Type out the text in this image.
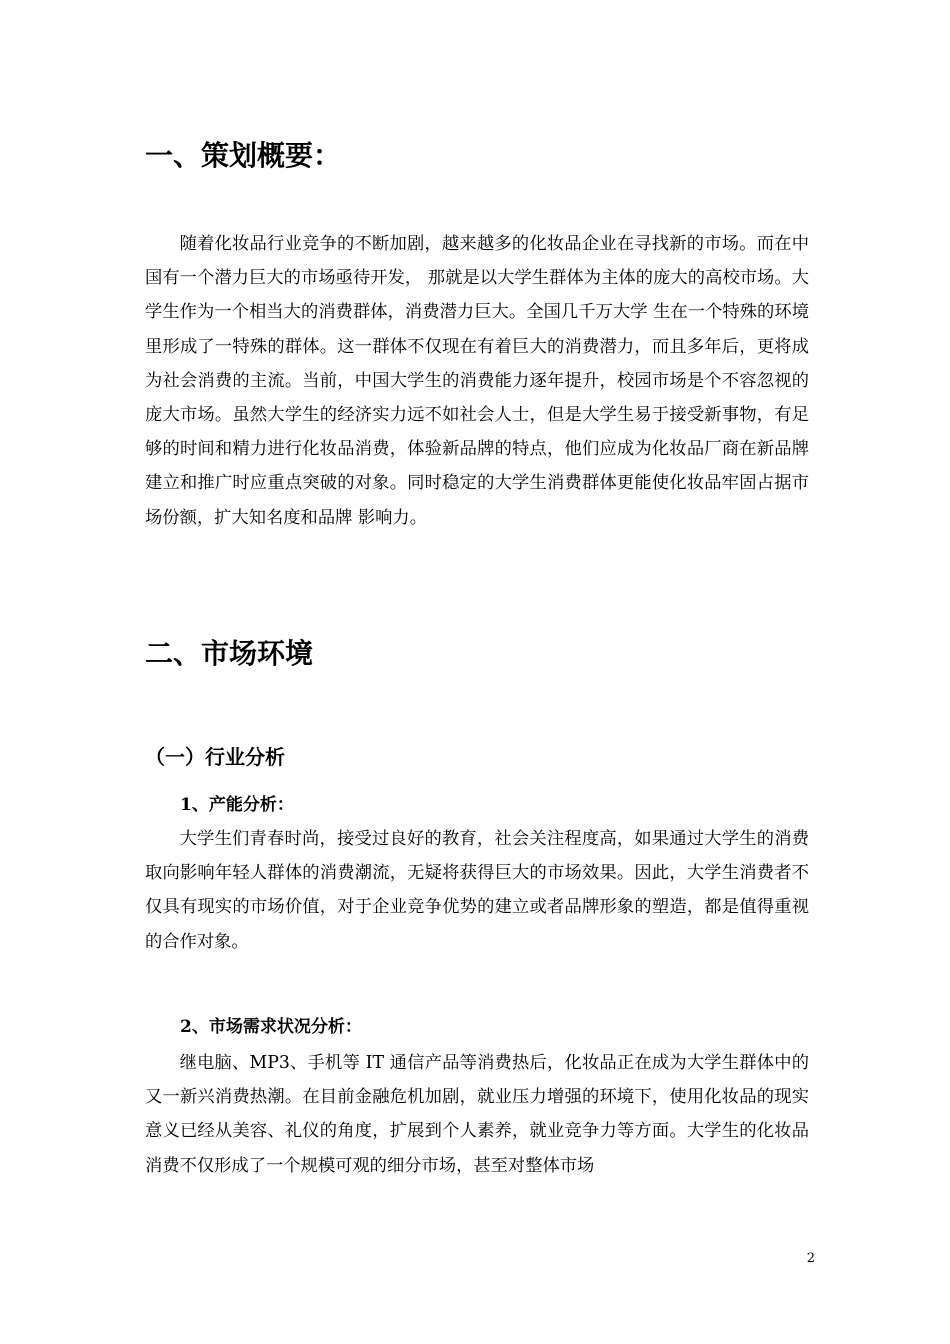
一、策划概要：

随着化妆品行业竞争的不断加剧，越来越多的化妆品企业在寻找新的市场。而在中国有一个潜力巨大的市场亟待开发， 那就是以大学生群体为主体的庞大的高校市场。大学生作为一个相当大的消费群体，消费潜力巨大。全国几千万大学 生在一个特殊的环境里形成了一特殊的群体。这一群体不仅现在有着巨大的消费潜力，而且多年后，更将成为社会消费的主流。当前，中国大学生的消费能力逐年提升，校园市场是个不容忽视的庞大市场。虽然大学生的经济实力远不如社会人士，但是大学生易于接受新事物，有足够的时间和精力进行化妆品消费，体验新品牌的特点，他们应成为化妆品厂商在新品牌建立和推广时应重点突破的对象。同时稳定的大学生消费群体更能使化妆品牢固占据市场份额，扩大知名度和品牌 影响力。

二、市场环境
（一）行业分析
1、产能分析：

大学生们青春时尚，接受过良好的教育，社会关注程度高，如果通过大学生的消费取向影响年轻人群体的消费潮流，无疑将获得巨大的市场效果。因此，大学生消费者不仅具有现实的市场价值，对于企业竞争优势的建立或者品牌形象的塑造，都是值得重视的合作对象。

2、市场需求状况分析：

继电脑、MP3、手机等 IT 通信产品等消费热后，化妆品正在成为大学生群体中的又一新兴消费热潮。在目前金融危机加剧，就业压力增强的环境下，使用化妆品的现实意义已经从美容、礼仪的角度，扩展到个人素养，就业竞争力等方面。大学生的化妆品消费不仅形成了一个规模可观的细分市场，甚至对整体市场

2
